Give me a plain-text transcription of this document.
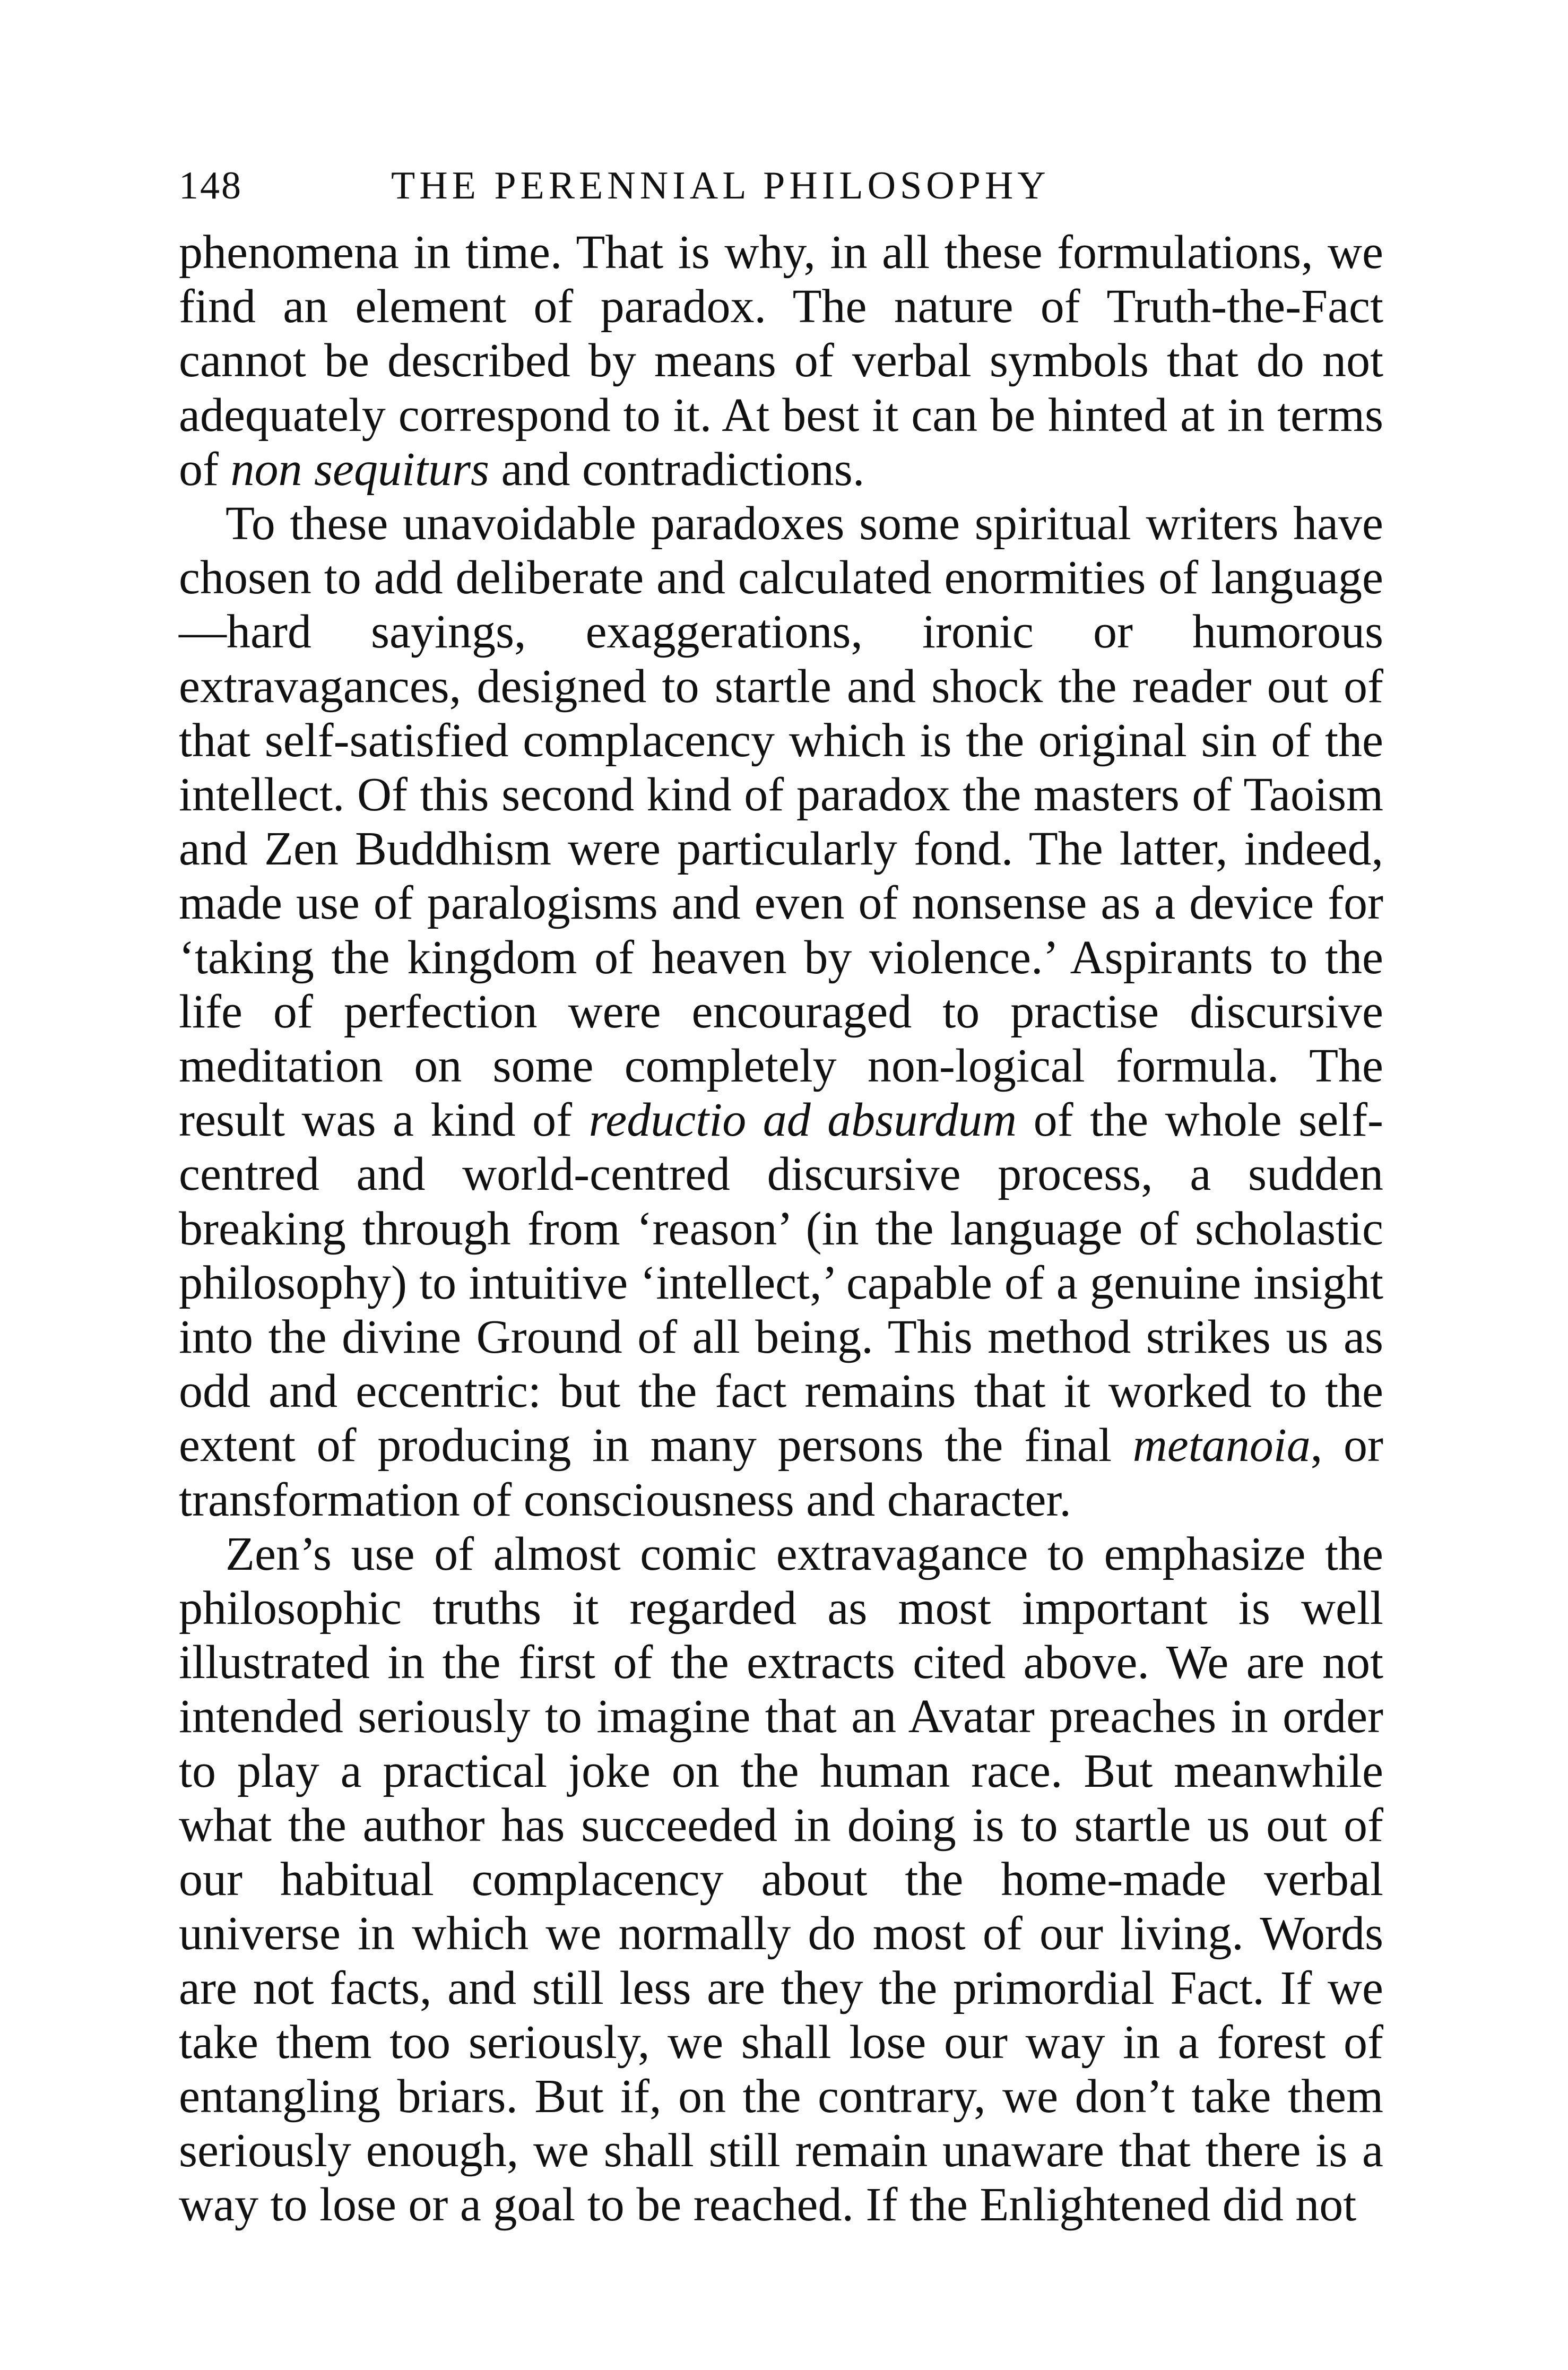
148	THE PERENNIAL PHILOSOPHY

phenomena in time. That is why, in all these formulations, we find an element of paradox. The nature of Truth-the-Fact cannot be described by means of verbal symbols that do not adequately correspond to it. At best it can be hinted at in terms of non sequiturs and contradictions.

To these unavoidable paradoxes some spiritual writers have chosen to add deliberate and calculated enormities of language —hard sayings, exaggerations, ironic or humorous extravagances, designed to startle and shock the reader out of that self-satisfied complacency which is the original sin of the intellect. Of this second kind of paradox the masters of Taoism and Zen Buddhism were particularly fond. The latter, indeed, made use of paralogisms and even of nonsense as a device for ‘taking the kingdom of heaven by violence.’ Aspirants to the life of perfection were encouraged to practise discursive meditation on some completely non-logical formula. The result was a kind of reductio ad absurdum of the whole self-centred and world-centred discursive process, a sudden breaking through from ‘reason’ (in the language of scholastic philosophy) to intuitive ‘intellect,’ capable of a genuine insight into the divine Ground of all being. This method strikes us as odd and eccentric: but the fact remains that it worked to the extent of producing in many persons the final metanoia, or transformation of consciousness and character.

Zen’s use of almost comic extravagance to emphasize the philosophic truths it regarded as most important is well illustrated in the first of the extracts cited above. We are not intended seriously to imagine that an Avatar preaches in order to play a practical joke on the human race. But meanwhile what the author has succeeded in doing is to startle us out of our habitual complacency about the home-made verbal universe in which we normally do most of our living. Words are not facts, and still less are they the primordial Fact. If we take them too seriously, we shall lose our way in a forest of entangling briars. But if, on the contrary, we don’t take them seriously enough, we shall still remain unaware that there is a way to lose or a goal to be reached. If the Enlightened did not
